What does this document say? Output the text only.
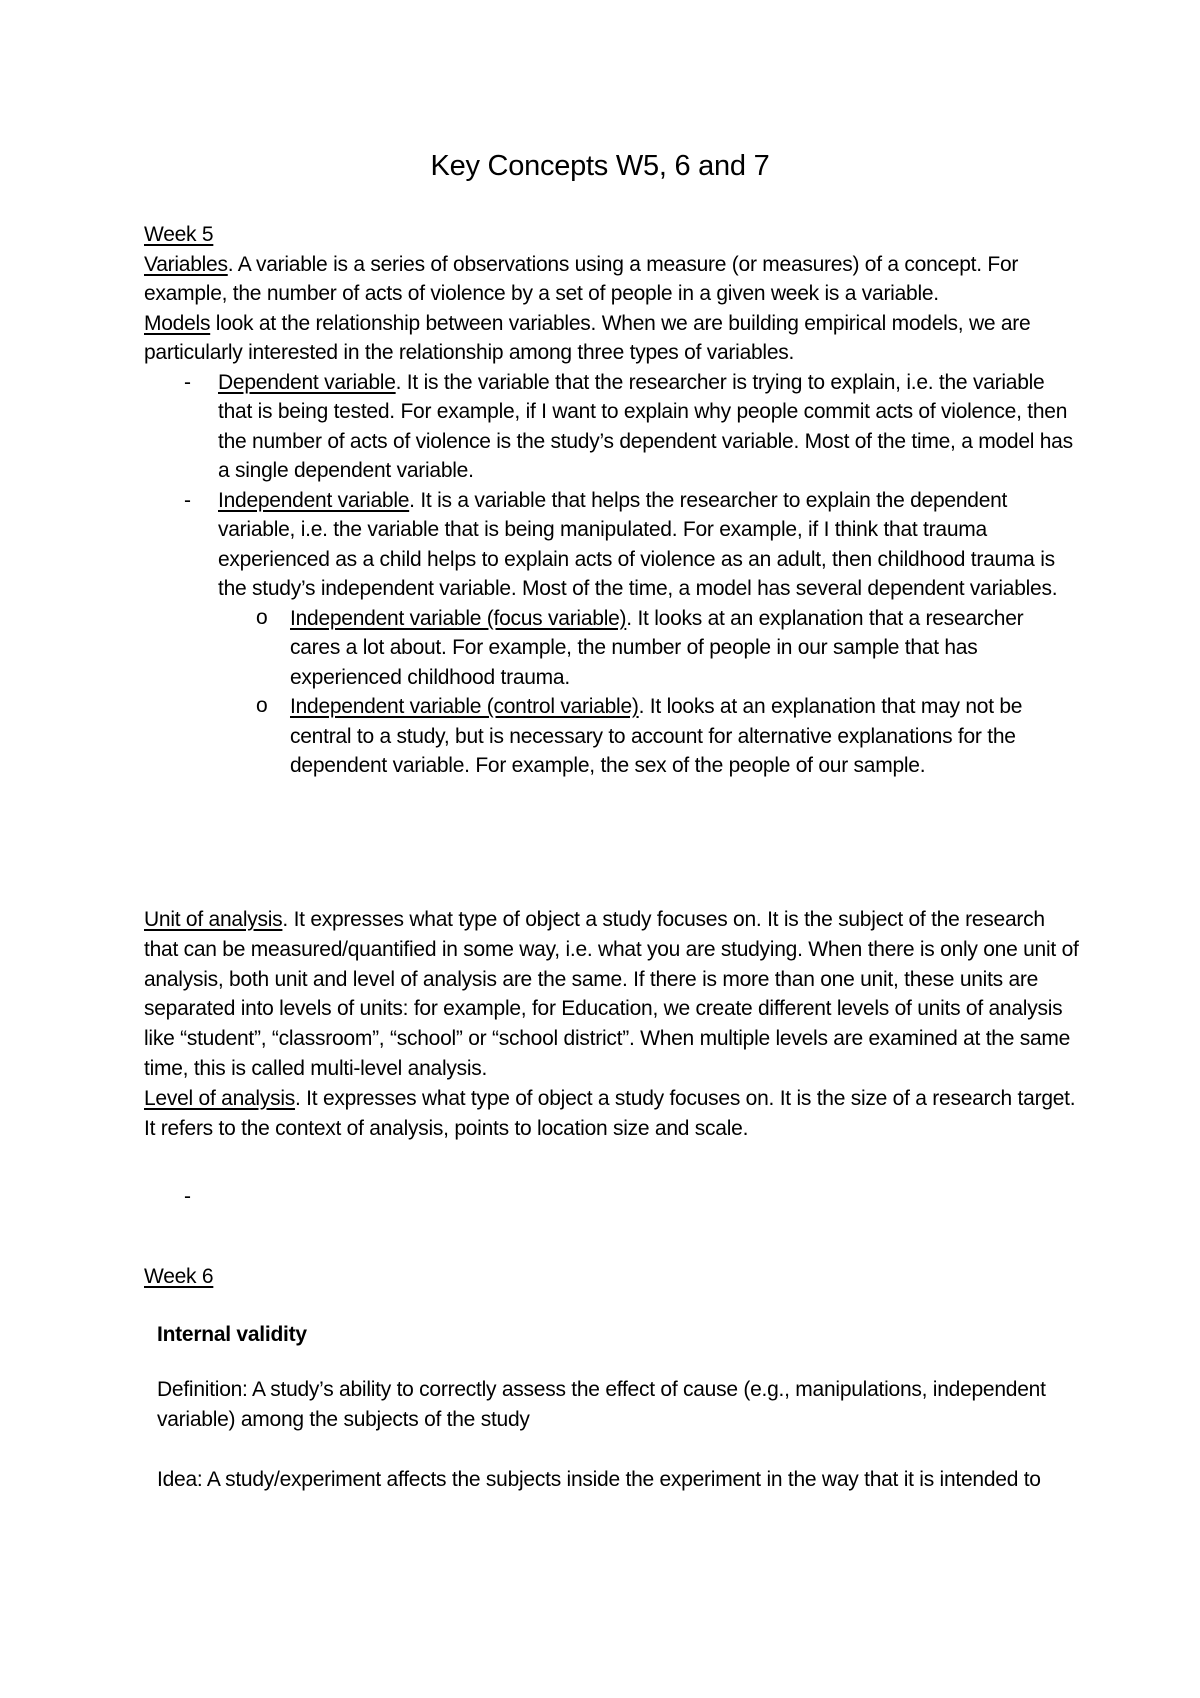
Key Concepts W5, 6 and 7

Week 5

Variables. A variable is a series of observations using a measure (or measures) of a concept. For example, the number of acts of violence by a set of people in a given week is a variable.

Models look at the relationship between variables. When we are building empirical models, we are particularly interested in the relationship among three types of variables.

- Dependent variable. It is the variable that the researcher is trying to explain, i.e. the variable that is being tested. For example, if I want to explain why people commit acts of violence, then the number of acts of violence is the study’s dependent variable. Most of the time, a model has a single dependent variable.
- Independent variable. It is a variable that helps the researcher to explain the dependent variable, i.e. the variable that is being manipulated. For example, if I think that trauma experienced as a child helps to explain acts of violence as an adult, then childhood trauma is the study’s independent variable. Most of the time, a model has several dependent variables.
o Independent variable (focus variable). It looks at an explanation that a researcher cares a lot about. For example, the number of people in our sample that has experienced childhood trauma.
o Independent variable (control variable). It looks at an explanation that may not be central to a study, but is necessary to account for alternative explanations for the dependent variable. For example, the sex of the people of our sample.

Unit of analysis. It expresses what type of object a study focuses on. It is the subject of the research that can be measured/quantified in some way, i.e. what you are studying. When there is only one unit of analysis, both unit and level of analysis are the same. If there is more than one unit, these units are separated into levels of units: for example, for Education, we create different levels of units of analysis like “student”, “classroom”, “school” or “school district”. When multiple levels are examined at the same time, this is called multi-level analysis.

Level of analysis. It expresses what type of object a study focuses on. It is the size of a research target. It refers to the context of analysis, points to location size and scale.

-

Week 6

Internal validity
Definition: A study’s ability to correctly assess the effect of cause (e.g., manipulations, independent variable) among the subjects of the study
Idea: A study/experiment affects the subjects inside the experiment in the way that it is intended to
